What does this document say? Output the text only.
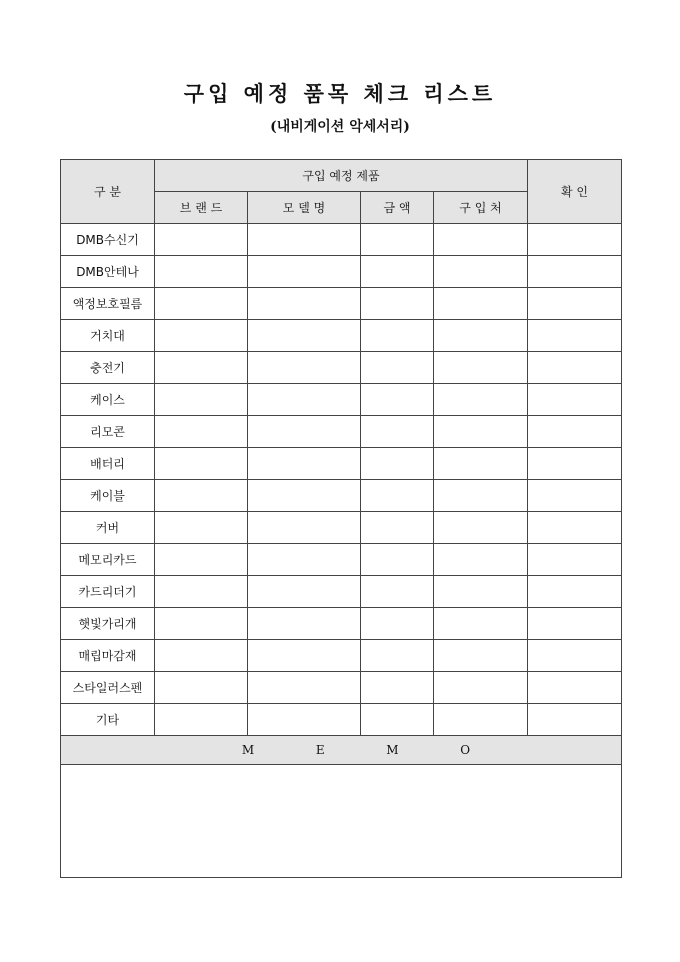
구입 예정 품목 체크 리스트
(내비게이션 악세서리)
구 분	구입 예정 제품				확 인
	브 랜 드	모 델 명	금 액	구 입 처	
DMB수신기					
DMB안테나					
액정보호필름					
거치대					
충전기					
케이스					
리모콘					
배터리					
케이블					
커버					
메모리카드					
카드리더기					
햇빛가리개					
매립마감재					
스타일러스펜					
기타					

M E M O					
